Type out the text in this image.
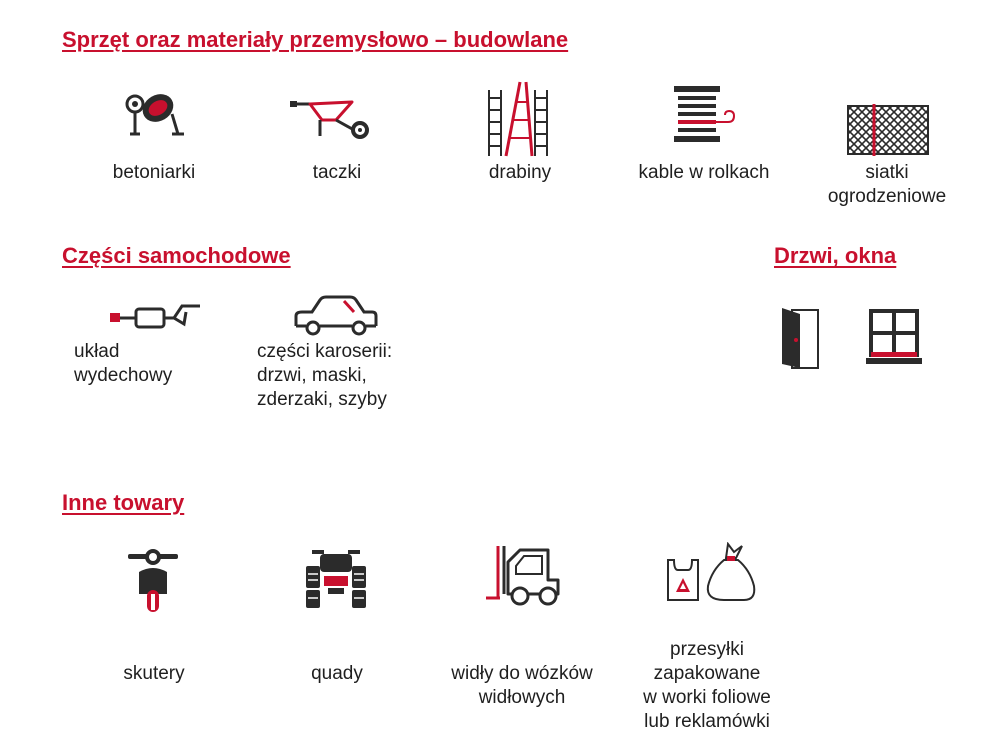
Sprzęt oraz materiały przemysłowo – budowlane
betoniarki	taczki	drabiny	kable w rolkach	siatki
ogrodzeniowe
Części samochodowe
układ
wydechowy
części karoserii:
drzwi, maski,
zderzaki, szyby
Drzwi, okna
Inne towary
skutery	quady	widły do wózków
widłowych
przesyłki
zapakowane
w worki foliowe
lub reklamówki
